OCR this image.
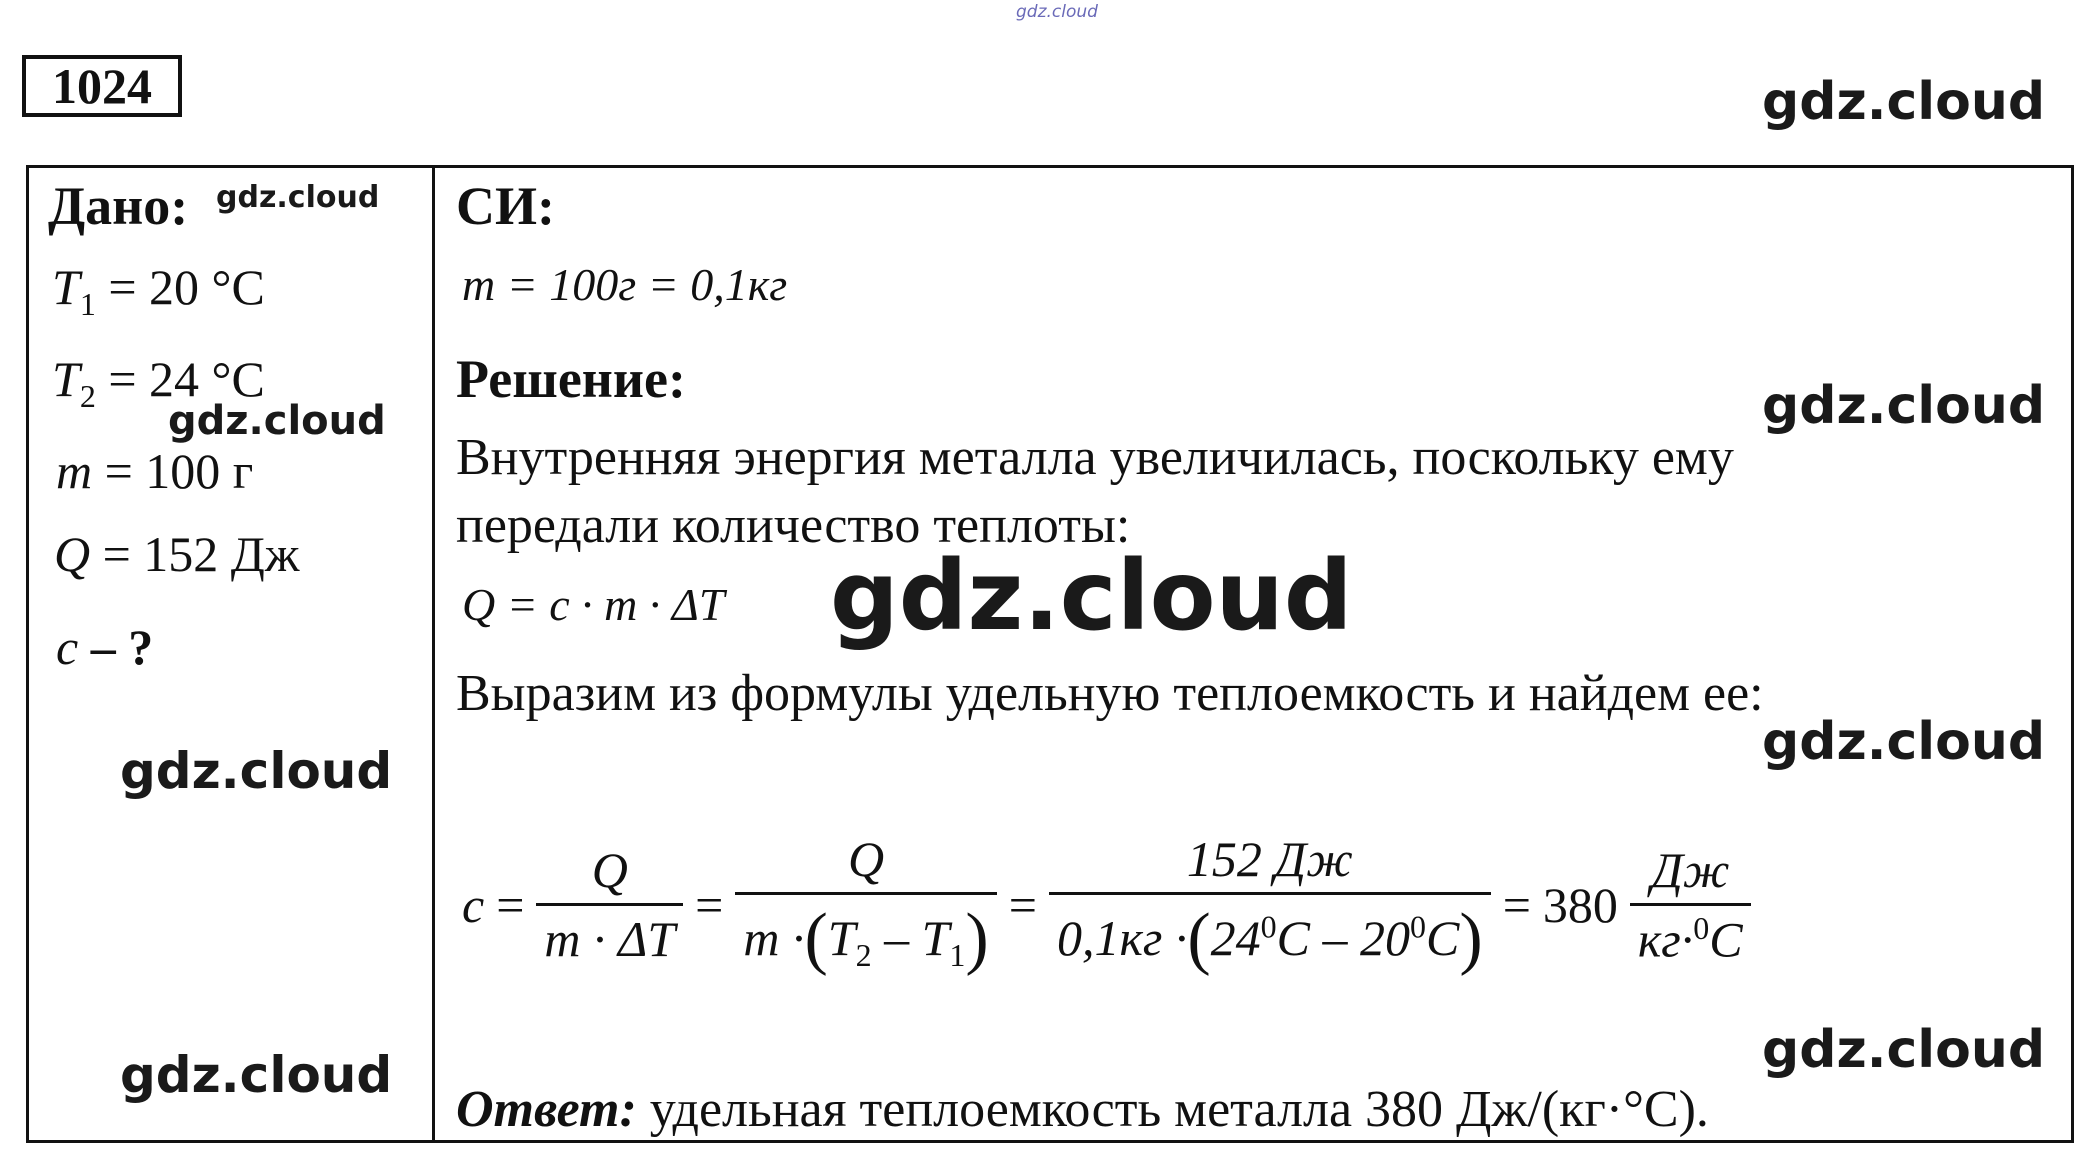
gdz.cloud
1024	gdz.cloud
Дано: gdz.cloud
$T_1 = 20$ °C
$T_2 = 24$ °C
gdz.cloud
m = 100 г
Q = 152 Дж
c – ?
gdz.cloud
gdz.cloud
СИ:
m = 100г = 0,1кг
Решение:	gdz.cloud
Внутренняя энергия металла увеличилась, поскольку ему
передали количество теплоты:
Q = c · m · ΔT gdz.cloud
Выразим из формулы удельную теплоемкость и найдем ее:
gdz.cloud
$c = \frac{Q}{m \cdot \Delta T} = \frac{Q}{m \cdot(T_2 - T_1)} = \frac{152 Дж}{0,1кг \cdot(24^0C - 20^0C)} = 380 \frac{Дж}{кг\cdot^0C}$
gdz.cloud
Ответ: удельная теплоемкость металла 380 Дж/(кг·°С).
